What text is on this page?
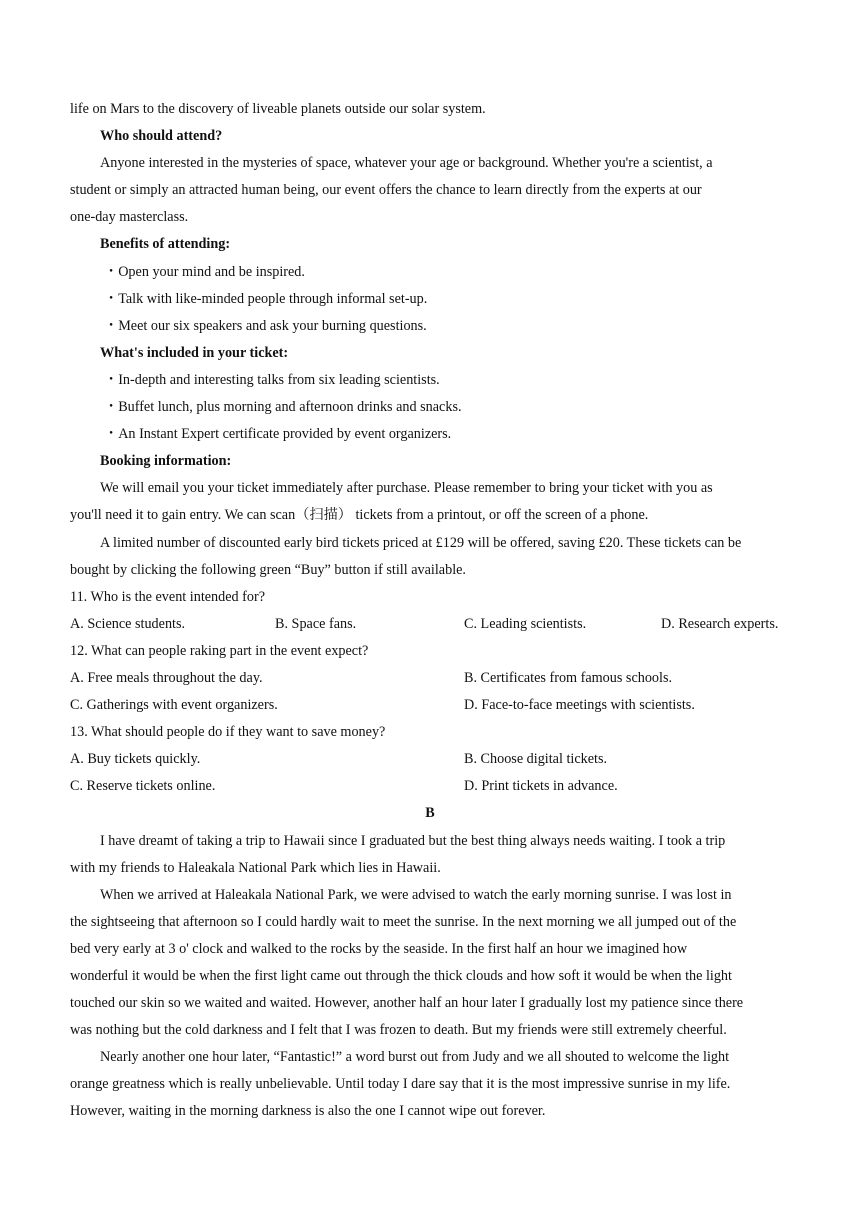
life on Mars to the discovery of liveable planets outside our solar system.
Who should attend?
Anyone interested in the mysteries of space, whatever your age or background. Whether you're a scientist, a
student or simply an attracted human being, our event offers the chance to learn directly from the experts at our
one-day masterclass.
Benefits of attending:
・Open your mind and be inspired.
・Talk with like-minded people through informal set-up.
・Meet our six speakers and ask your burning questions.
What's included in your ticket:
・In-depth and interesting talks from six leading scientists.
・Buffet lunch, plus morning and afternoon drinks and snacks.
・An Instant Expert certificate provided by event organizers.
Booking information:
We will email you your ticket immediately after purchase. Please remember to bring your ticket with you as
you'll need it to gain entry. We can scan（扫描） tickets from a printout, or off the screen of a phone.
A limited number of discounted early bird tickets priced at £129 will be offered, saving £20. These tickets can be
bought by clicking the following green “Buy” button if still available.
11. Who is the event intended for?
A. Science students.	B. Space fans.	C. Leading scientists.	D. Research experts.
12. What can people raking part in the event expect?
A. Free meals throughout the day.	B. Certificates from famous schools.
C. Gatherings with event organizers.	D. Face-to-face meetings with scientists.
13. What should people do if they want to save money?
A. Buy tickets quickly.	B. Choose digital tickets.
C. Reserve tickets online.	D. Print tickets in advance.
B
I have dreamt of taking a trip to Hawaii since I graduated but the best thing always needs waiting. I took a trip
with my friends to Haleakala National Park which lies in Hawaii.
When we arrived at Haleakala National Park, we were advised to watch the early morning sunrise. I was lost in
the sightseeing that afternoon so I could hardly wait to meet the sunrise. In the next morning we all jumped out of the
bed very early at 3 o' clock and walked to the rocks by the seaside. In the first half an hour we imagined how
wonderful it would be when the first light came out through the thick clouds and how soft it would be when the light
touched our skin so we waited and waited. However, another half an hour later I gradually lost my patience since there
was nothing but the cold darkness and I felt that I was frozen to death. But my friends were still extremely cheerful.
Nearly another one hour later, “Fantastic!” a word burst out from Judy and we all shouted to welcome the light
orange greatness which is really unbelievable. Until today I dare say that it is the most impressive sunrise in my life.
However, waiting in the morning darkness is also the one I cannot wipe out forever.
